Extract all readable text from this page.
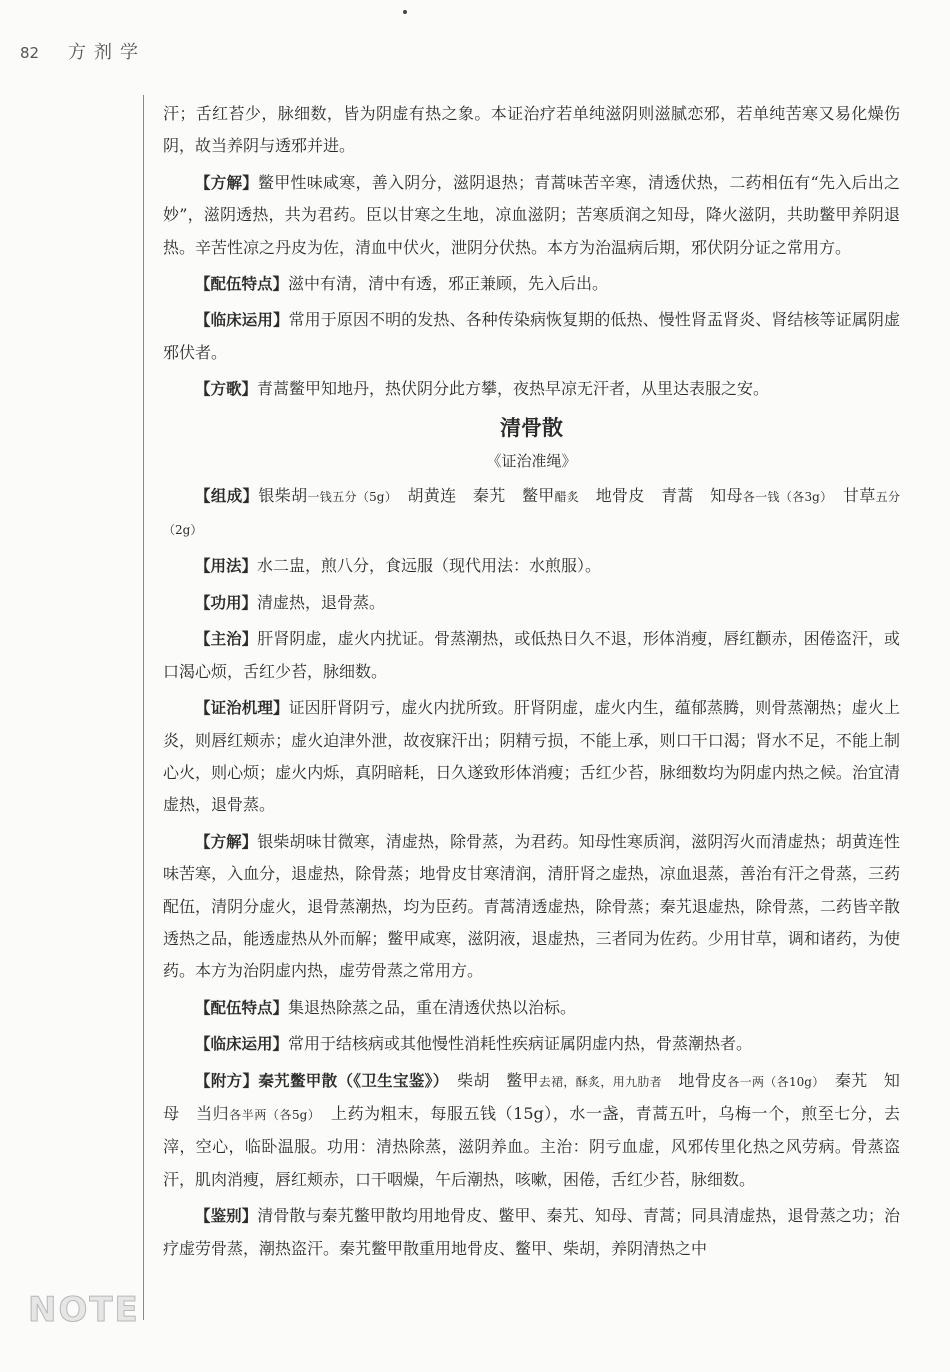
82 方剂学
NOTE

汗；舌红苔少，脉细数，皆为阴虚有热之象。本证治疗若单纯滋阴则滋腻恋邪，若单纯苦寒又易化燥伤阴，故当养阴与透邪并进。

【方解】鳖甲性味咸寒，善入阴分，滋阴退热；青蒿味苦辛寒，清透伏热，二药相伍有“先入后出之妙”，滋阴透热，共为君药。臣以甘寒之生地，凉血滋阴；苦寒质润之知母，降火滋阴，共助鳖甲养阴退热。辛苦性凉之丹皮为佐，清血中伏火，泄阴分伏热。本方为治温病后期，邪伏阴分证之常用方。

【配伍特点】滋中有清，清中有透，邪正兼顾，先入后出。

【临床运用】常用于原因不明的发热、各种传染病恢复期的低热、慢性肾盂肾炎、肾结核等证属阴虚邪伏者。

【方歌】青蒿鳖甲知地丹，热伏阴分此方攀，夜热早凉无汗者，从里达表服之安。

清骨散
《证治准绳》

【组成】银柴胡一钱五分（5g）　 胡黄连　秦艽　鳖甲醋炙　 地骨皮　青蒿　知母各一钱（各3g）　 甘草五分（2g）

【用法】水二盅，煎八分，食远服（现代用法：水煎服）。

【功用】清虚热，退骨蒸。

【主治】肝肾阴虚，虚火内扰证。骨蒸潮热，或低热日久不退，形体消瘦，唇红颧赤，困倦盗汗，或口渴心烦，舌红少苔，脉细数。

【证治机理】证因肝肾阴亏，虚火内扰所致。肝肾阴虚，虚火内生，蕴郁蒸腾，则骨蒸潮热；虚火上炎，则唇红颊赤；虚火迫津外泄，故夜寐汗出；阴精亏损，不能上承，则口干口渴；肾水不足，不能上制心火，则心烦；虚火内烁，真阴暗耗，日久遂致形体消瘦；舌红少苔，脉细数均为阴虚内热之候。治宜清虚热，退骨蒸。

【方解】银柴胡味甘微寒，清虚热，除骨蒸，为君药。知母性寒质润，滋阴泻火而清虚热；胡黄连性味苦寒，入血分，退虚热，除骨蒸；地骨皮甘寒清润，清肝肾之虚热，凉血退蒸，善治有汗之骨蒸，三药配伍，清阴分虚火，退骨蒸潮热，均为臣药。青蒿清透虚热，除骨蒸；秦艽退虚热，除骨蒸，二药皆辛散透热之品，能透虚热从外而解；鳖甲咸寒，滋阴液，退虚热，三者同为佐药。少用甘草，调和诸药，为使药。本方为治阴虚内热，虚劳骨蒸之常用方。

【配伍特点】集退热除蒸之品，重在清透伏热以治标。

【临床运用】常用于结核病或其他慢性消耗性疾病证属阴虚内热，骨蒸潮热者。

【附方】秦艽鳖甲散（《卫生宝鉴》）　 柴胡　鳖甲去裙，酥炙，用九肋者　 地骨皮各一两（各10g）　 秦艽　知母　当归各半两（各5g）　 上药为粗末，每服五钱（15g），水一盏，青蒿五叶，乌梅一个，煎至七分，去滓，空心，临卧温服。功用：清热除蒸，滋阴养血。主治：阴亏血虚，风邪传里化热之风劳病。骨蒸盗汗，肌肉消瘦，唇红颊赤，口干咽燥，午后潮热，咳嗽，困倦，舌红少苔，脉细数。

【鉴别】清骨散与秦艽鳖甲散均用地骨皮、鳖甲、秦艽、知母、青蒿；同具清虚热，退骨蒸之功；治疗虚劳骨蒸，潮热盗汗。秦艽鳖甲散重用地骨皮、鳖甲、柴胡，养阴清热之中
